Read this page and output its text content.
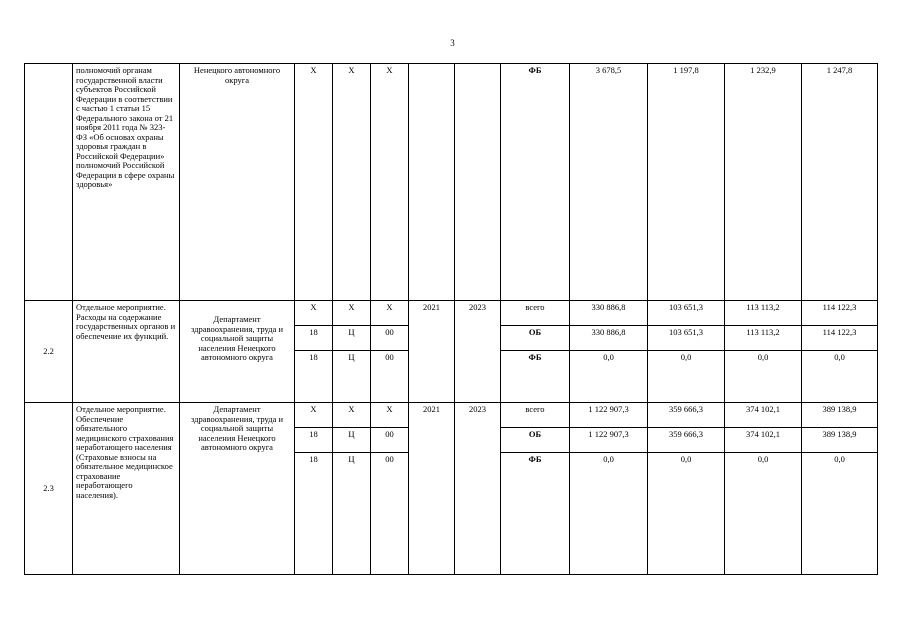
3
	полномочий органам государственной власти субъектов Российской Федерации в соответствии с частью 1 статьи 15 Федерального закона от 21 ноября 2011 года № 323-ФЗ «Об основах охраны здоровья граждан в Российской Федерации» полномочий Российской Федерации в сфере охраны здоровья»	Ненецкого автономного округа	Х	Х	Х			ФБ	3 678,5	1 197,8	1 232,9	1 247,8
2.2	Отдельное мероприятие. Расходы на содержание государственных органов и обеспечение их функций.	Департамент здравоохранения, труда и социальной защиты населения Ненецкого автономного округа	Х	Х	Х	2021	2023	всего	330 886,8	103 651,3	113 113,2	114 122,3
			18	Ц	00			ОБ	330 886,8	103 651,3	113 113,2	114 122,3
			18	Ц	00			ФБ	0,0	0,0	0,0	0,0
2.3	Отдельное мероприятие. Обеспечение обязательного медицинского страхования неработающего населения (Страховые взносы на обязательное медицинское страхование неработающего населения).	Департамент здравоохранения, труда и социальной защиты населения Ненецкого автономного округа	Х	Х	Х	2021	2023	всего	1 122 907,3	359 666,3	374 102,1	389 138,9
			18	Ц	00			ОБ	1 122 907,3	359 666,3	374 102,1	389 138,9
			18	Ц	00			ФБ	0,0	0,0	0,0	0,0
